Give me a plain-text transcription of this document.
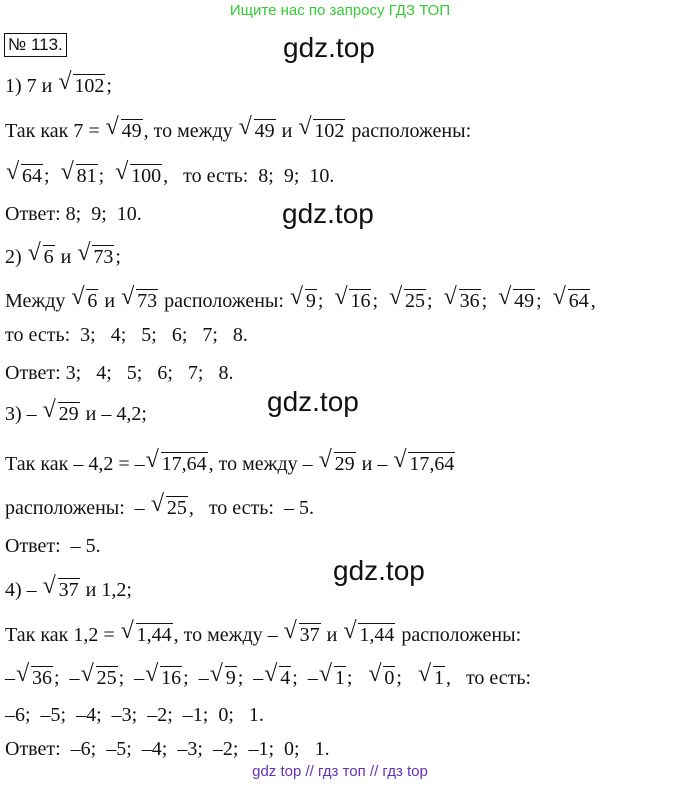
Ищите нас по запросу ГДЗ ТОП
№ 113.	gdz.top
gdz.top
gdz.top
gdz.top
1) 7 и √ 102 ;
Так как 7 = √ 49 , то между √ 49 и √ 102 расположены:
√ 64 ;  √ 81 ;  √ 100 ,   то есть:  8;  9;  10.
Ответ: 8;  9;  10.
2) √ 6 и √ 73 ;
Между √ 6 и √ 73 расположены: √ 9 ;  √ 16 ;  √ 25 ;  √ 36 ;  √ 49 ;  √ 64 ,
то есть:  3;   4;   5;   6;   7;   8.
Ответ: 3;   4;   5;   6;   7;   8.
3) – √ 29 и – 4,2;
Так как – 4,2 = – √ 17,64 , то между – √ 29 и – √ 17,64
расположены:  – √ 25 ,   то есть:  – 5.
Ответ:  – 5.
4) – √ 37 и 1,2;
Так как 1,2 = √ 1,44 , то между – √ 37 и √ 1,44 расположены:
– √ 36 ;  – √ 25 ;  – √ 16 ;  – √ 9 ;  – √ 4 ;  – √ 1 ;   √ 0 ;   √ 1 ,   то есть:
–6;  –5;  –4;  –3;  –2;  –1;  0;   1.
Ответ:  –6;  –5;  –4;  –3;  –2;  –1;  0;   1.
gdz top // гдз топ // гдз top
